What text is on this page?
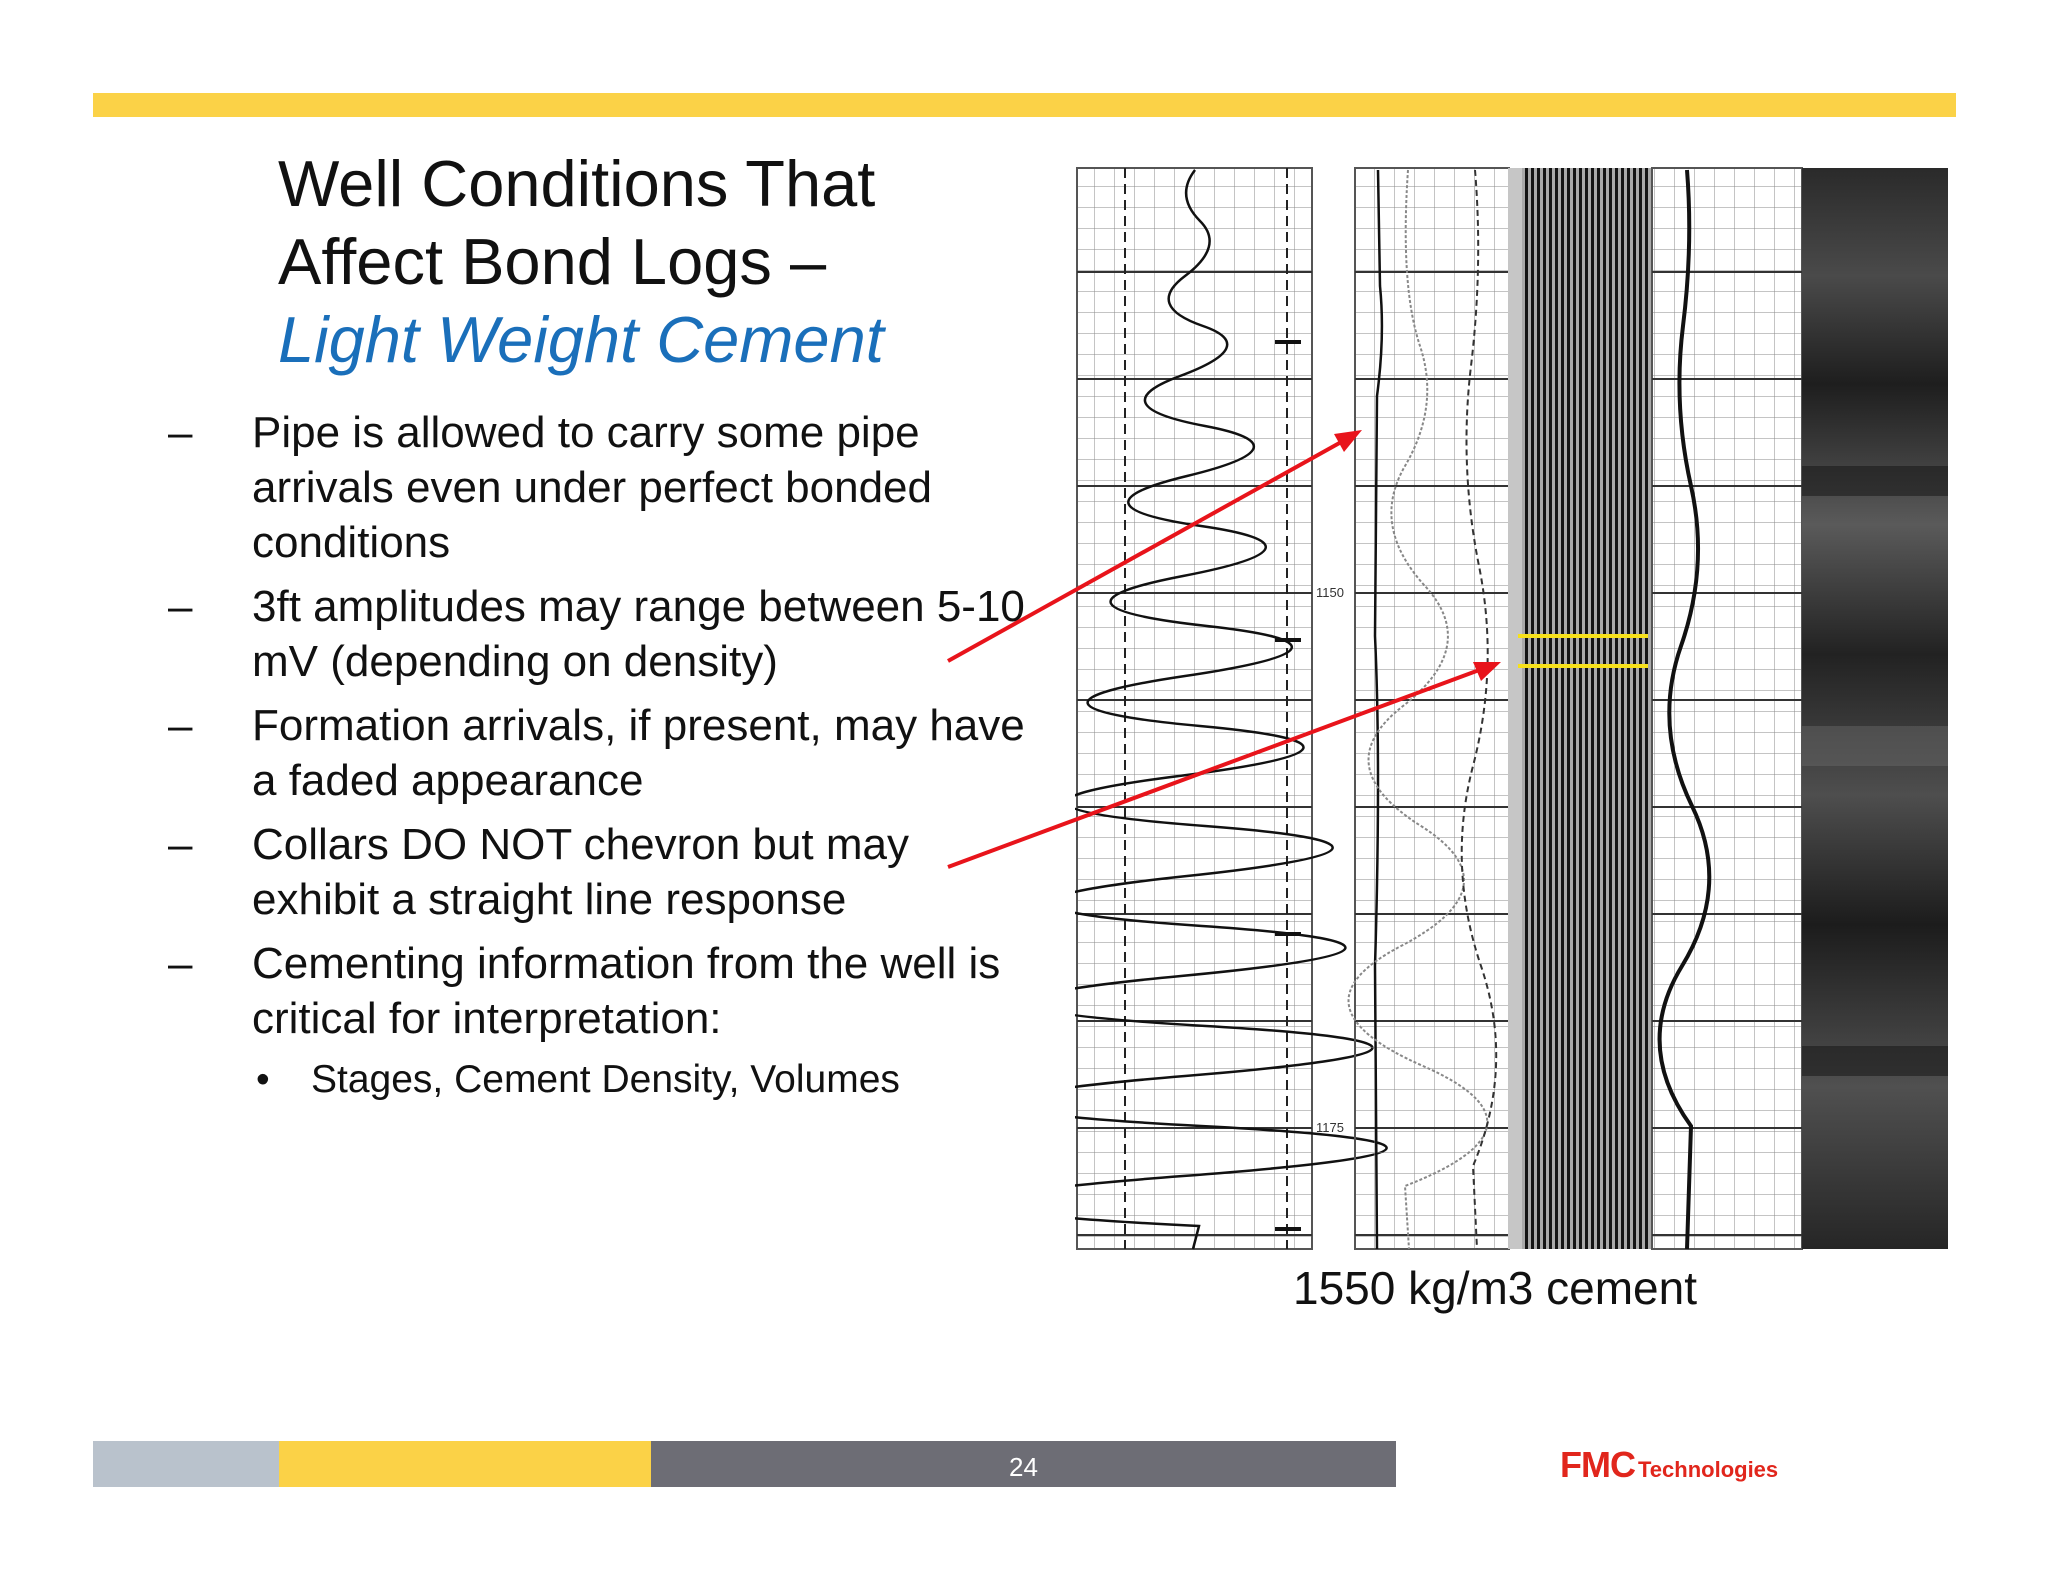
Well Conditions That
Affect Bond Logs –
Light Weight Cement
– Pipe is allowed to carry some pipe arrivals even under perfect bonded conditions
– 3ft amplitudes may range between 5-10 mV (depending on density)
– Formation arrivals, if present, may have a faded appearance
– Collars DO NOT chevron but may exhibit a straight line response
– Cementing information from the well is critical for interpretation:
• Stages, Cement Density, Volumes
1150
1175
1550 kg/m3 cement
24	FMC Technologies
